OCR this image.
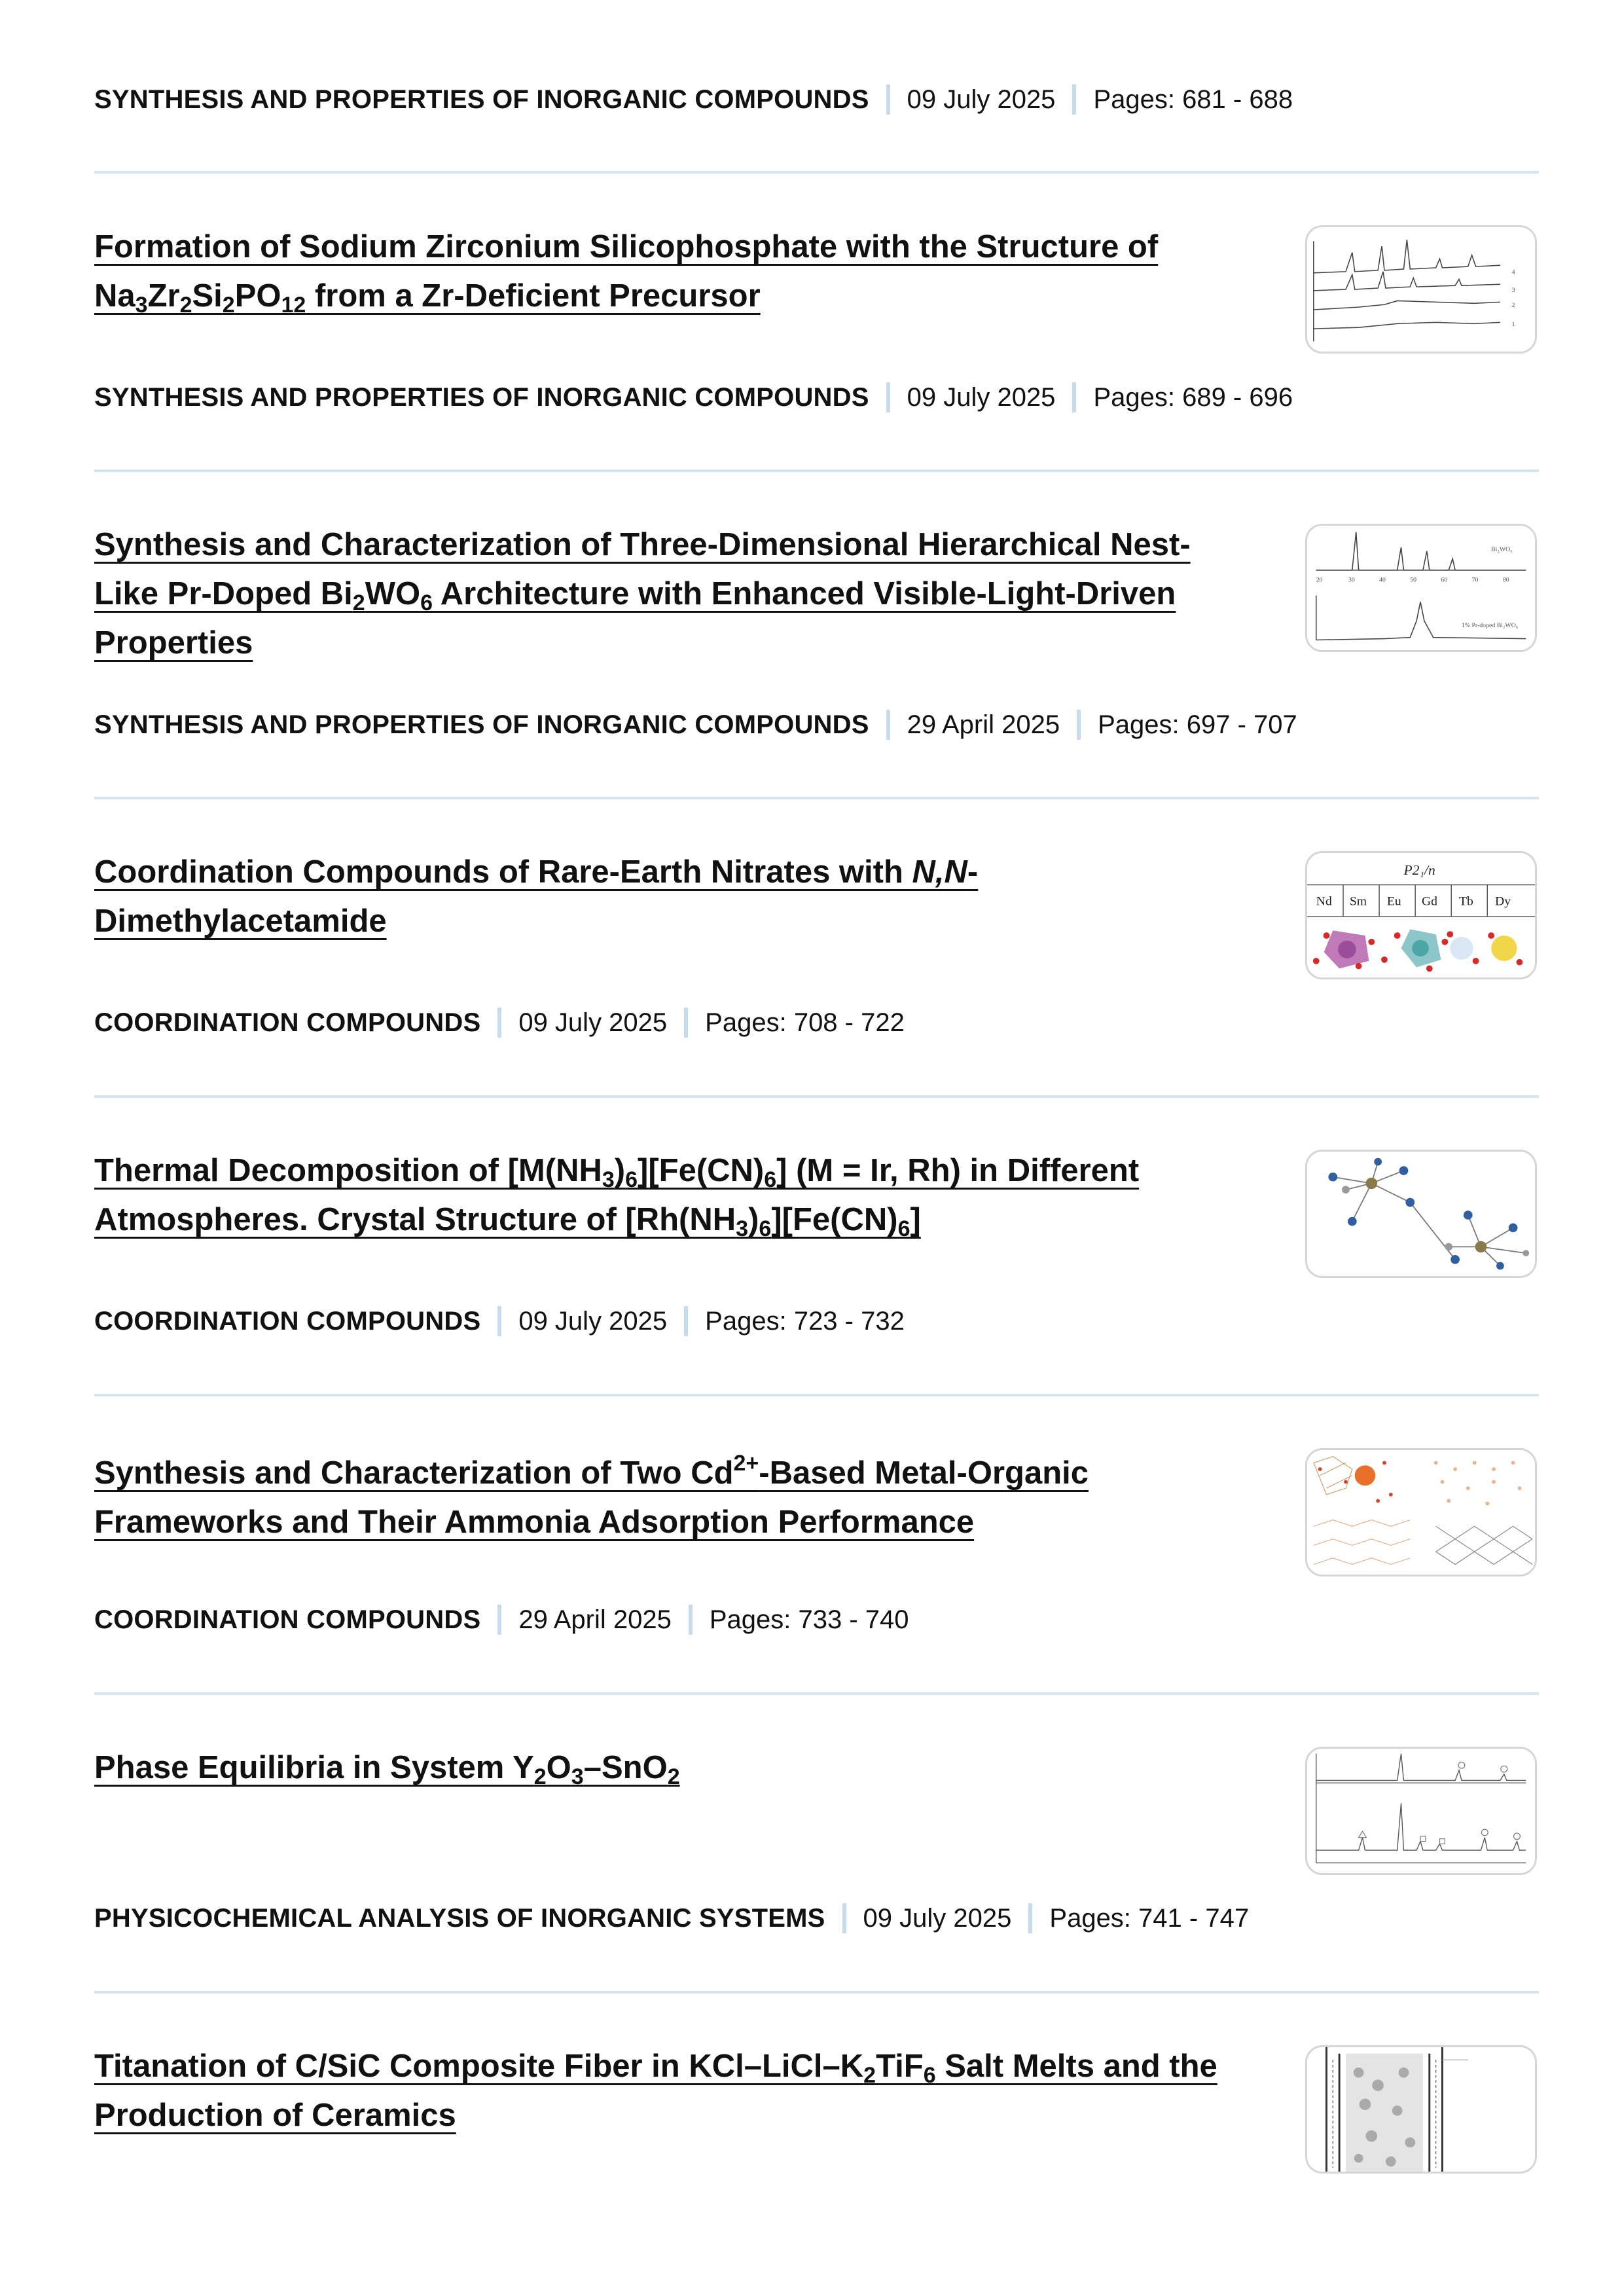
SYNTHESIS AND PROPERTIES OF INORGANIC COMPOUNDS 09 July 2025 Pages: 681 - 688
Formation of Sodium Zirconium Silicophosphate with the Structure of $Na_3Zr_2Si_2PO_{12}$ from a Zr-Deficient Precursor
4
3
2
1
SYNTHESIS AND PROPERTIES OF INORGANIC COMPOUNDS 09 July 2025 Pages: 689 - 696
Synthesis and Characterization of Three-Dimensional Hierarchical Nest-Like Pr-Doped $Bi_2WO_6$ Architecture with Enhanced Visible-Light-Driven Properties
20	30	40	50	60	70	80
Bi₂WO₆
1% Pr-doped Bi₂WO₆
SYNTHESIS AND PROPERTIES OF INORGANIC COMPOUNDS 29 April 2025 Pages: 697 - 707
Coordination Compounds of Rare-Earth Nitrates with N,N-Dimethylacetamide
P2₁/n
Nd Sm Eu Gd Tb Dy
COORDINATION COMPOUNDS 09 July 2025 Pages: 708 - 722
Thermal Decomposition of $[M(NH_3)_6][Fe(CN)_6] (M = Ir$, Rh) in Different Atmospheres. Crystal Structure of $[Rh(NH_3)_6][Fe(CN)_6]$
COORDINATION COMPOUNDS 09 July 2025 Pages: 723 - 732
Synthesis and Characterization of Two Cd$^{2+}$-Based Metal-Organic Frameworks and Their Ammonia Adsorption Performance
COORDINATION COMPOUNDS 29 April 2025 Pages: 733 - 740
Phase Equilibria in System $Y_2O_3-SnO_2$
PHYSICOCHEMICAL ANALYSIS OF INORGANIC SYSTEMS 09 July 2025 Pages: 741 - 747
Titanation of C/SiC Composite Fiber in KCl–$LiCl-K_2TiF_6$ Salt Melts and the Production of Ceramics
